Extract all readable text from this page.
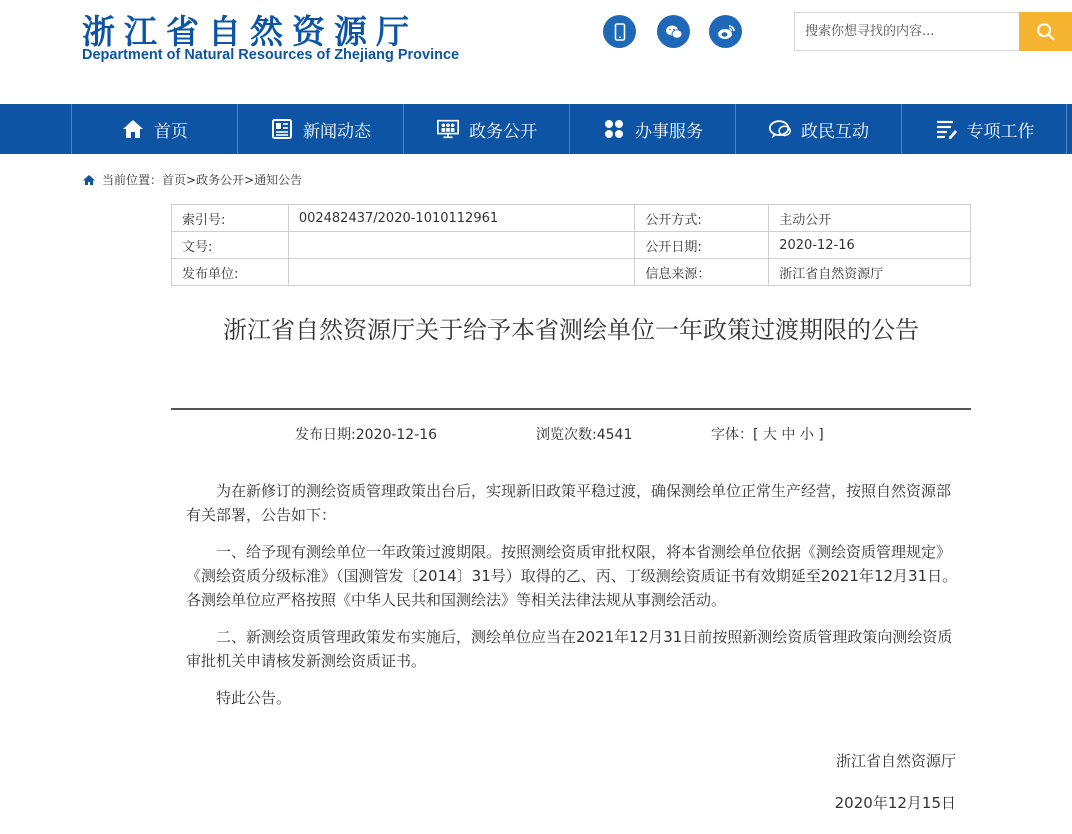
浙江省自然资源厅
Department of Natural Resources of Zhejiang Province
搜索你想寻找的内容...
首页	新闻动态	政务公开	办事服务	政民互动	专项工作
当前位置： 首页 > 政务公开 > 通知公告
索引号:	002482437/2020-1010112961	公开方式:	主动公开
文号:		公开日期:	2020-12-16
发布单位:		信息来源：	浙江省自然资源厅
浙江省自然资源厅关于给予本省测绘单位一年政策过渡期限的公告
发布日期:2020-12-16	浏览次数:4541	字体：[ 大 中 小 ]

为在新修订的测绘资质管理政策出台后，实现新旧政策平稳过渡，确保测绘单位正常生产经营，按照自然资源部有关部署，公告如下：

一、给予现有测绘单位一年政策过渡期限。按照测绘资质审批权限，将本省测绘单位依据《测绘资质管理规定》《测绘资质分级标准》（国测管发〔2014〕31号）取得的乙、丙、丁级测绘资质证书有效期延至2021年12月31日。各测绘单位应严格按照《中华人民共和国测绘法》等相关法律法规从事测绘活动。

二、新测绘资质管理政策发布实施后，测绘单位应当在2021年12月31日前按照新测绘资质管理政策向测绘资质审批机关申请核发新测绘资质证书。

特此公告。

浙江省自然资源厅
2020年12月15日
